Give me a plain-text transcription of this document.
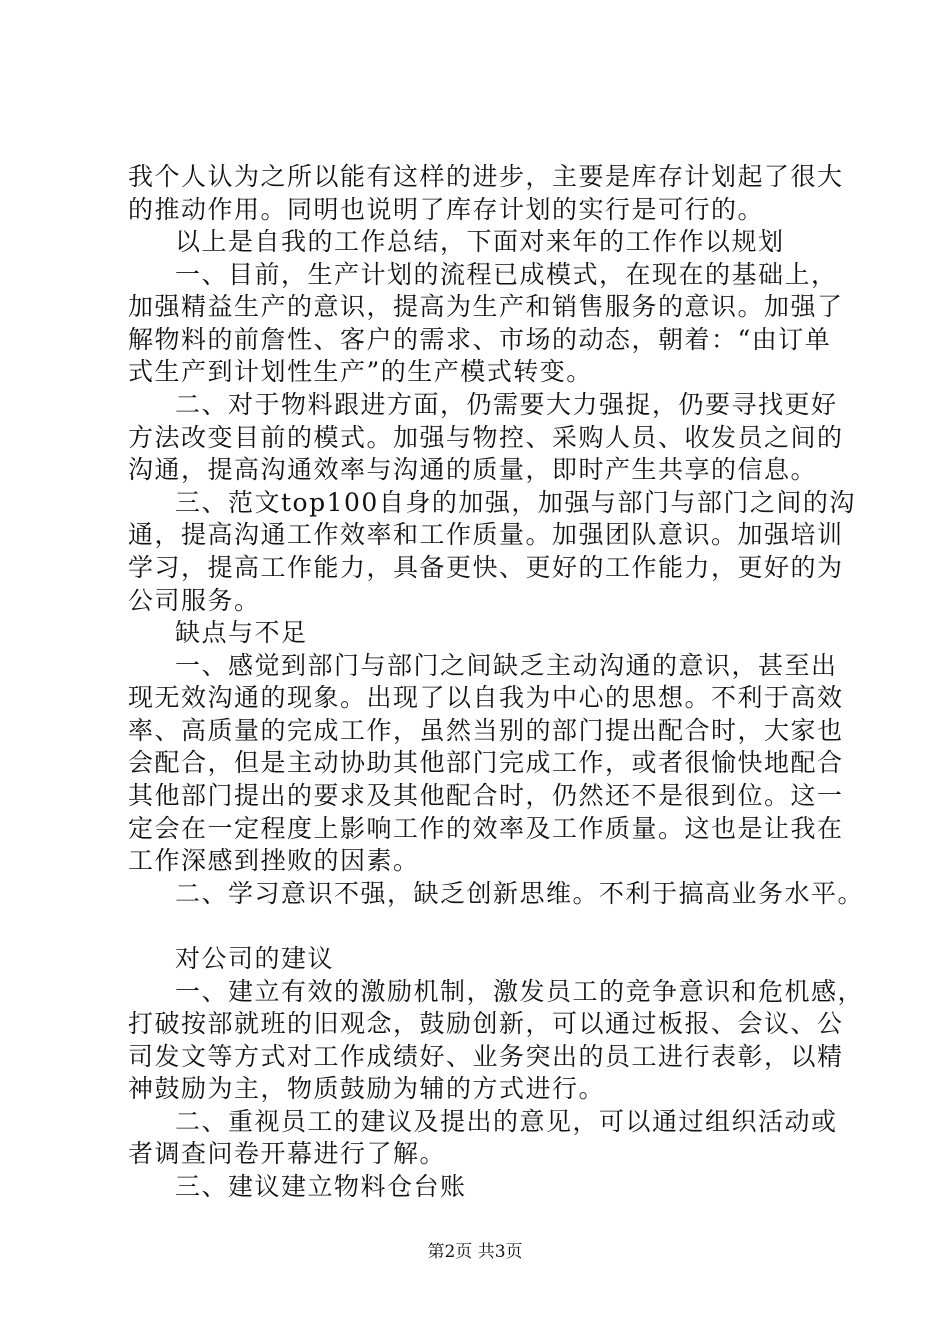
我个人认为之所以能有这样的进步，主要是库存计划起了很大
的推动作用。同明也说明了库存计划的实行是可行的。
以上是自我的工作总结，下面对来年的工作作以规划
一、目前，生产计划的流程已成模式，在现在的基础上，
加强精益生产的意识，提高为生产和销售服务的意识。加强了
解物料的前詹性、客户的需求、市场的动态，朝着：“由订单
式生产到计划性生产”的生产模式转变。
二、对于物料跟进方面，仍需要大力强捉，仍要寻找更好
方法改变目前的模式。加强与物控、采购人员、收发员之间的
沟通，提高沟通效率与沟通的质量，即时产生共享的信息。
三、范文top100自身的加强，加强与部门与部门之间的沟
通，提高沟通工作效率和工作质量。加强团队意识。加强培训
学习，提高工作能力，具备更快、更好的工作能力，更好的为
公司服务。
缺点与不足
一、感觉到部门与部门之间缺乏主动沟通的意识，甚至出
现无效沟通的现象。出现了以自我为中心的思想。不利于高效
率、高质量的完成工作，虽然当别的部门提出配合时，大家也
会配合，但是主动协助其他部门完成工作，或者很愉快地配合
其他部门提出的要求及其他配合时，仍然还不是很到位。这一
定会在一定程度上影响工作的效率及工作质量。这也是让我在
工作深感到挫败的因素。
二、学习意识不强，缺乏创新思维。不利于搞高业务水平。
对公司的建议
一、建立有效的激励机制，激发员工的竞争意识和危机感，
打破按部就班的旧观念，鼓励创新，可以通过板报、会议、公
司发文等方式对工作成绩好、业务突出的员工进行表彰，以精
神鼓励为主，物质鼓励为辅的方式进行。
二、重视员工的建议及提出的意见，可以通过组织活动或
者调查问卷开幕进行了解。
三、建议建立物料仓台账
第2页 共3页
